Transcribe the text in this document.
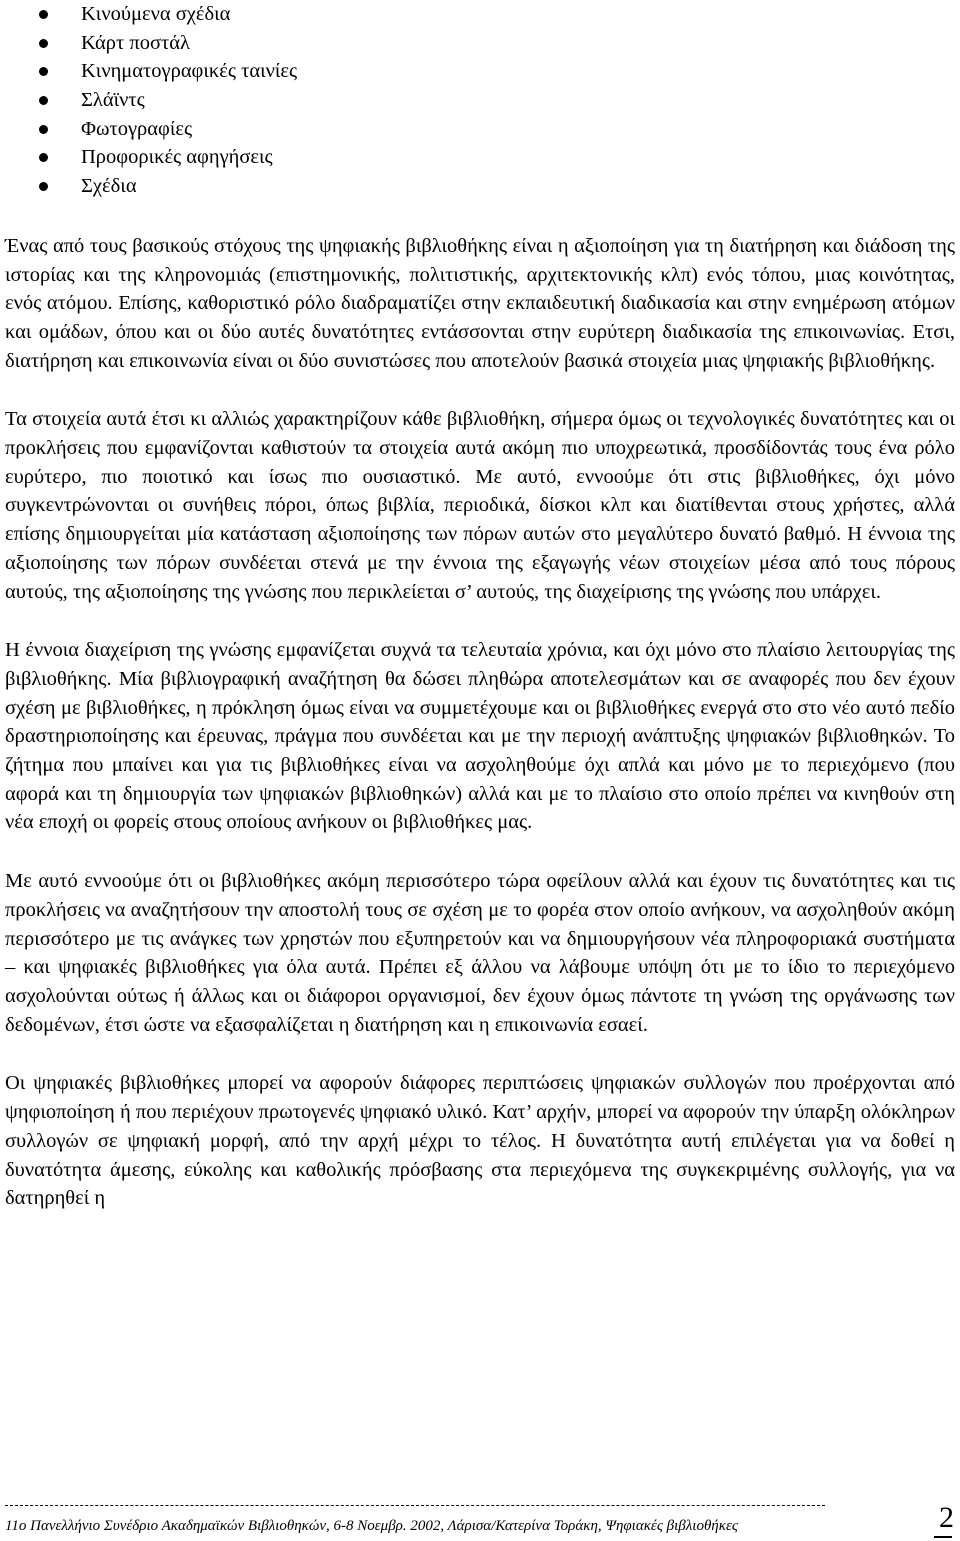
Κινούμενα σχέδια
Κάρτ ποστάλ
Κινηματογραφικές ταινίες
Σλάϊντς
Φωτογραφίες
Προφορικές αφηγήσεις
Σχέδια

Ένας από τους βασικούς στόχους της ψηφιακής βιβλιοθήκης είναι η αξιοποίηση για τη διατήρηση και διάδοση της ιστορίας και της κληρονομιάς (επιστημονικής, πολιτιστικής, αρχιτεκτονικής κλπ) ενός τόπου, μιας κοινότητας, ενός ατόμου. Επίσης, καθοριστικό ρόλο διαδραματίζει στην εκπαιδευτική διαδικασία και στην ενημέρωση ατόμων και ομάδων, όπου και οι δύο αυτές δυνατότητες εντάσσονται στην ευρύτερη διαδικασία της επικοινωνίας. Ετσι, διατήρηση και επικοινωνία είναι οι δύο συνιστώσες που αποτελούν βασικά στοιχεία μιας ψηφιακής βιβλιοθήκης.

Τα στοιχεία αυτά έτσι κι αλλιώς χαρακτηρίζουν κάθε βιβλιοθήκη, σήμερα όμως οι τεχνολογικές δυνατότητες και οι προκλήσεις που εμφανίζονται καθιστούν τα στοιχεία αυτά ακόμη πιο υποχρεωτικά, προσδίδοντάς τους ένα ρόλο ευρύτερο, πιο ποιοτικό και ίσως πιο ουσιαστικό. Με αυτό, εννοούμε ότι στις βιβλιοθήκες, όχι μόνο συγκεντρώνονται οι συνήθεις πόροι, όπως βιβλία, περιοδικά, δίσκοι κλπ και διατίθενται στους χρήστες, αλλά επίσης δημιουργείται μία κατάσταση αξιοποίησης των πόρων αυτών στο μεγαλύτερο δυνατό βαθμό. Η έννοια της αξιοποίησης των πόρων συνδέεται στενά με την έννοια της εξαγωγής νέων στοιχείων μέσα από τους πόρους αυτούς, της αξιοποίησης της γνώσης που περικλείεται σ’ αυτούς, της διαχείρισης της γνώσης που υπάρχει.

Η έννοια διαχείριση της γνώσης εμφανίζεται συχνά τα τελευταία χρόνια, και όχι μόνο στο πλαίσιο λειτουργίας της βιβλιοθήκης. Μία βιβλιογραφική αναζήτηση θα δώσει πληθώρα αποτελεσμάτων και σε αναφορές που δεν έχουν σχέση με βιβλιοθήκες, η πρόκληση όμως είναι να συμμετέχουμε και οι βιβλιοθήκες ενεργά στο στο νέο αυτό πεδίο δραστηριοποίησης και έρευνας, πράγμα που συνδέεται και με την περιοχή ανάπτυξης ψηφιακών βιβλιοθηκών. Το ζήτημα που μπαίνει και για τις βιβλιοθήκες είναι να ασχοληθούμε όχι απλά και μόνο με το περιεχόμενο (που αφορά και τη δημιουργία των ψηφιακών βιβλιοθηκών) αλλά και με το πλαίσιο στο οποίο πρέπει να κινηθούν στη νέα εποχή οι φορείς στους οποίους ανήκουν οι βιβλιοθήκες μας.

Με αυτό εννοούμε ότι οι βιβλιοθήκες ακόμη περισσότερο τώρα οφείλουν αλλά και έχουν τις δυνατότητες και τις προκλήσεις να αναζητήσουν την αποστολή τους σε σχέση με το φορέα στον οποίο ανήκουν, να ασχοληθούν ακόμη περισσότερο με τις ανάγκες των χρηστών που εξυπηρετούν και να δημιουργήσουν νέα πληροφοριακά συστήματα – και ψηφιακές βιβλιοθήκες για όλα αυτά. Πρέπει εξ άλλου να λάβουμε υπόψη ότι με το ίδιο το περιεχόμενο ασχολούνται ούτως ή άλλως και οι διάφοροι οργανισμοί, δεν έχουν όμως πάντοτε τη γνώση της οργάνωσης των δεδομένων, έτσι ώστε να εξασφαλίζεται η διατήρηση και η επικοινωνία εσαεί.

Οι ψηφιακές βιβλιοθήκες μπορεί να αφορούν διάφορες περιπτώσεις ψηφιακών συλλογών που προέρχονται από ψηφιοποίηση ή που περιέχουν πρωτογενές ψηφιακό υλικό. Κατ’ αρχήν, μπορεί να αφορούν την ύπαρξη ολόκληρων συλλογών σε ψηφιακή μορφή, από την αρχή μέχρι το τέλος. Η δυνατότητα αυτή επιλέγεται για να δοθεί η δυνατότητα άμεσης, εύκολης και καθολικής πρόσβασης στα περιεχόμενα της συγκεκριμένης συλλογής, για να δατηρηθεί η

11ο Πανελλήνιο Συνέδριο Ακαδημαϊκών Βιβλιοθηκών, 6-8 Νοεμβρ. 2002, Λάρισα/Κατερίνα Τοράκη, Ψηφιακές βιβλιοθήκες	2
